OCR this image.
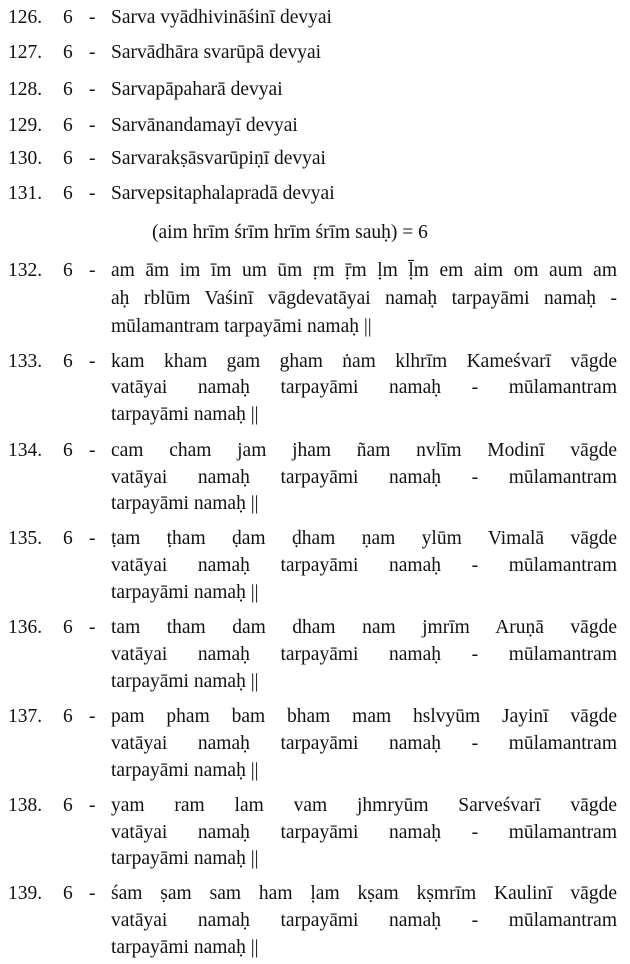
126. 6 - Sarva vyādhivināśinī devyai
127. 6 - Sarvādhāra svarūpā devyai
128. 6 - Sarvapāpaharā devyai
129. 6 - Sarvānandamayī devyai
130. 6 - Sarvarakṣāsvarūpiṇī devyai
131. 6 - Sarvepsitaphalapradā devyai
(aim hrīm śrīm hrīm śrīm sauḥ) = 6
132. 6 - am ām im īm um ūm ṛm ṝm ḷm ḹm em aim om aum am
aḥ rblūm Vaśinī vāgdevatāyai namaḥ tarpayāmi namaḥ -
mūlamantram tarpayāmi namaḥ ||
133. 6 - kam kham gam gham ṅam klhrīm Kameśvarī vāgde
vatāyai namaḥ tarpayāmi namaḥ - mūlamantram
tarpayāmi namaḥ ||
134. 6 - cam cham jam jham ñam nvlīm Modinī vāgde
vatāyai namaḥ tarpayāmi namaḥ - mūlamantram
tarpayāmi namaḥ ||
135. 6 - ṭam ṭham ḍam ḍham ṇam ylūm Vimalā vāgde
vatāyai namaḥ tarpayāmi namaḥ - mūlamantram
tarpayāmi namaḥ ||
136. 6 - tam tham dam dham nam jmrīm Aruṇā vāgde
vatāyai namaḥ tarpayāmi namaḥ - mūlamantram
tarpayāmi namaḥ ||
137. 6 - pam pham bam bham mam hslvyūm Jayinī vāgde
vatāyai namaḥ tarpayāmi namaḥ - mūlamantram
tarpayāmi namaḥ ||
138. 6 - yam ram lam vam jhmryūm Sarveśvarī vāgde
vatāyai namaḥ tarpayāmi namaḥ - mūlamantram
tarpayāmi namaḥ ||
139. 6 - śam ṣam sam ham ḷam kṣam kṣmrīm Kaulinī vāgde
vatāyai namaḥ tarpayāmi namaḥ - mūlamantram
tarpayāmi namaḥ ||
